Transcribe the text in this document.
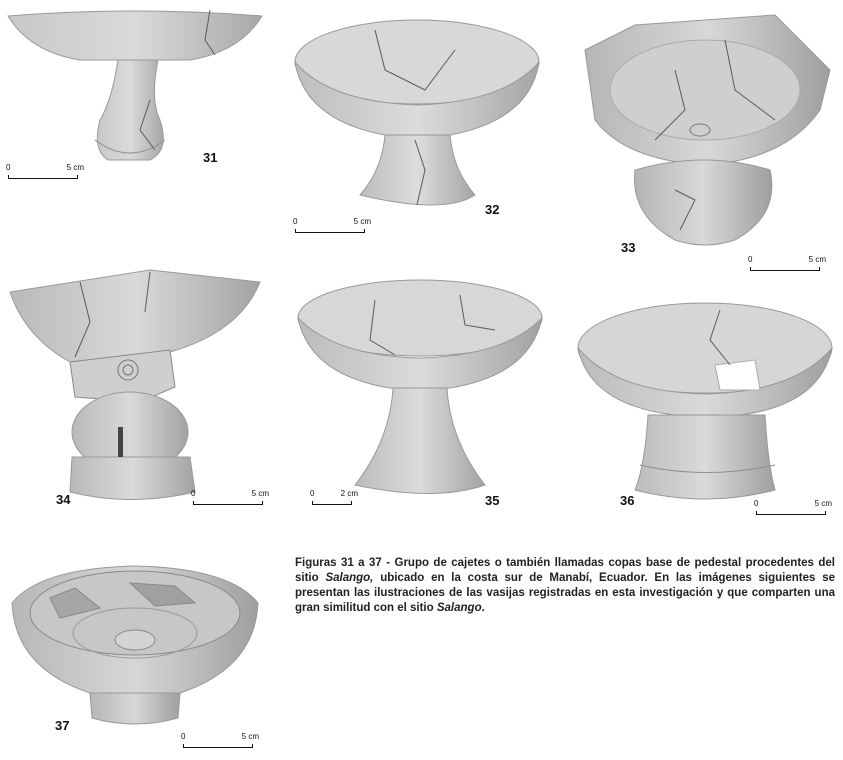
31
0	5 cm
32
0	5 cm
33
0	5 cm
34	0	5 cm	35
0	2 cm	36	0	5 cm
37
0	5 cm
Figuras 31 a 37 - Grupo de cajetes o también llamadas copas base de pedestal procedentes del sitio Salango, ubicado en la costa sur de Manabí, Ecuador. En las imágenes siguientes se presentan las ilustraciones de las vasijas registradas en esta investigación y que comparten una gran similitud con el sitio Salango.
